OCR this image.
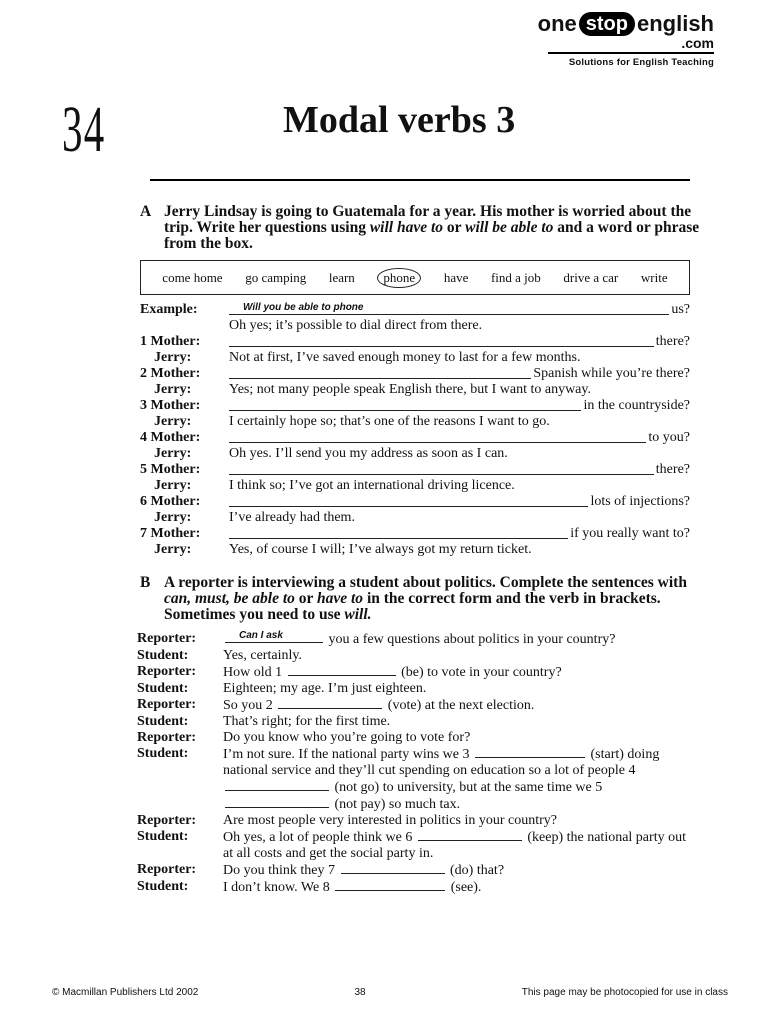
one stop english
.com
Solutions for English Teaching
34	Modal verbs 3
A Jerry Lindsay is going to Guatemala for a year. His mother is worried about the trip. Write her questions using will have to or will be able to and a word or phrase from the box.
come home go camping learn	phone	have find a job drive a car write
Example:	Will you be able to phone	us?
Oh yes; it’s possible to dial direct from there.
1 Mother:	there?
Jerry:	Not at first, I’ve saved enough money to last for a few months.
2 Mother:	Spanish while you’re there?
Jerry:	Yes; not many people speak English there, but I want to anyway.
3 Mother:	in the countryside?
Jerry:	I certainly hope so; that’s one of the reasons I want to go.
4 Mother:	to you?
Jerry:	Oh yes. I’ll send you my address as soon as I can.
5 Mother:	there?
Jerry:	I think so; I’ve got an international driving licence.
6 Mother:	lots of injections?
Jerry:	I’ve already had them.
7 Mother:	if you really want to?
Jerry:	Yes, of course I will; I’ve always got my return ticket.
B A reporter is interviewing a student about politics. Complete the sentences with can, must, be able to or have to in the correct form and the verb in brackets. Sometimes you need to use will.
Reporter:	Can I ask	you a few questions about politics in your country?
Student:	Yes, certainly.
Reporter:	How old 1	(be) to vote in your country?
Student:	Eighteen; my age. I’m just eighteen.
Reporter:	So you 2	(vote) at the next election.
Student:	That’s right; for the first time.
Reporter:	Do you know who you’re going to vote for?
Student:	I’m not sure. If the national party wins we 3	(start) doing national service and they’ll cut spending on education so a lot of people 4  (not go) to university, but at the same time we 5  (not pay) so much tax.
Reporter:	Are most people very interested in politics in your country?
Student:	Oh yes, a lot of people think we 6	(keep) the national party out at all costs and get the social party in.
Reporter:	Do you think they 7	(do) that?
Student:	I don’t know. We 8	(see).
© Macmillan Publishers Ltd 2002	38	This page may be photocopied for use in class
